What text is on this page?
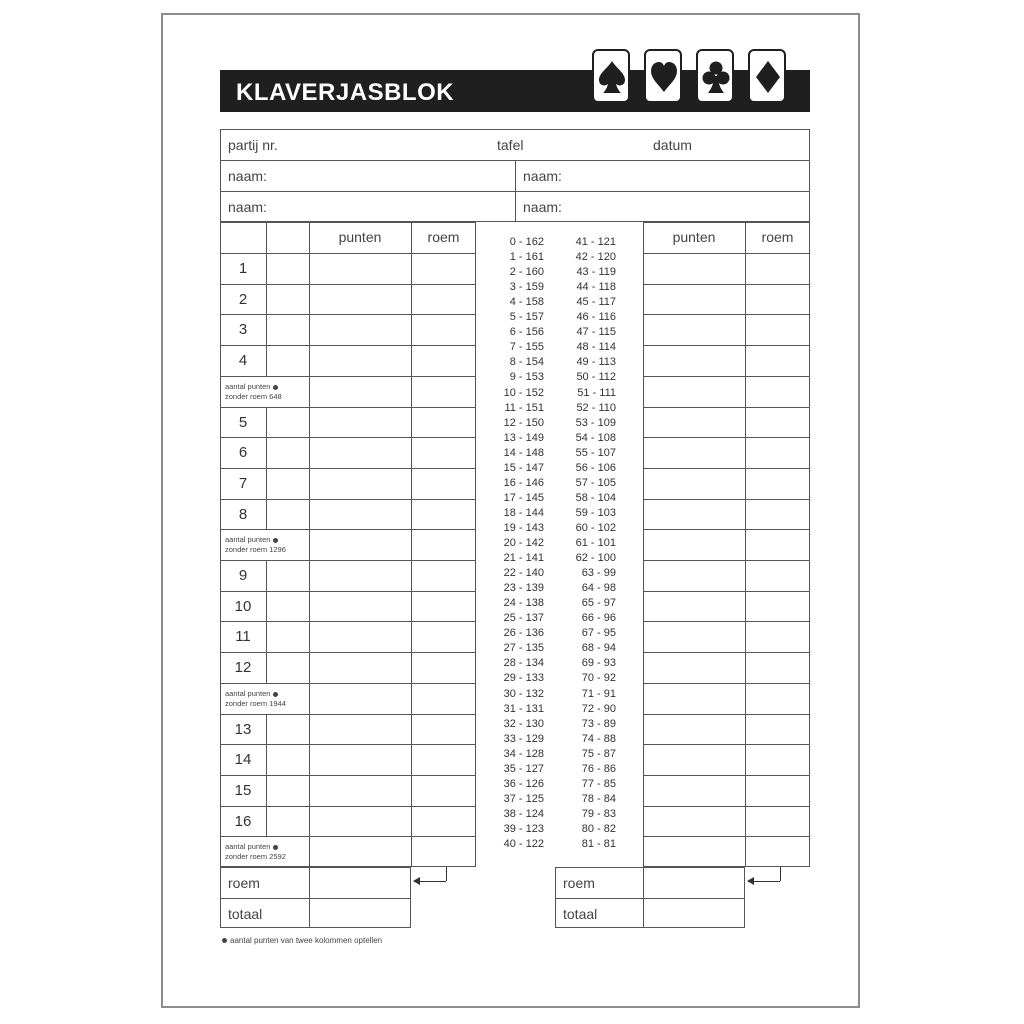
KLAVERJASBLOK
partij nr.	tafel	datum
naam:	naam:
naam:	naam:
aantal punten van twee kolommen optellen
punten	roem	punten	roem
1
2
3
4
aantal punten
zonder roem 648
5
6
7
8
aantal punten
zonder roem 1296
9
10
11
12
aantal punten
zonder roem 1944
13
14
15
16
aantal punten
zonder roem 2592
roem
totaal
roem
totaal
0 - 162	41 - 121
1 - 161	42 - 120
2 - 160	43 - 119
3 - 159	44 - 118
4 - 158	45 - 117
5 - 157	46 - 116
6 - 156	47 - 115
7 - 155	48 - 114
8 - 154	49 - 113
9 - 153	50 - 112
10 - 152	51 - 111
11 - 151	52 - 110
12 - 150	53 - 109
13 - 149	54 - 108
14 - 148	55 - 107
15 - 147	56 - 106
16 - 146	57 - 105
17 - 145	58 - 104
18 - 144	59 - 103
19 - 143	60 - 102
20 - 142	61 - 101
21 - 141	62 - 100
22 - 140	63 - 99
23 - 139	64 - 98
24 - 138	65 - 97
25 - 137	66 - 96
26 - 136	67 - 95
27 - 135	68 - 94
28 - 134	69 - 93
29 - 133	70 - 92
30 - 132	71 - 91
31 - 131	72 - 90
32 - 130	73 - 89
33 - 129	74 - 88
34 - 128	75 - 87
35 - 127	76 - 86
36 - 126	77 - 85
37 - 125	78 - 84
38 - 124	79 - 83
39 - 123	80 - 82
40 - 122	81 - 81
